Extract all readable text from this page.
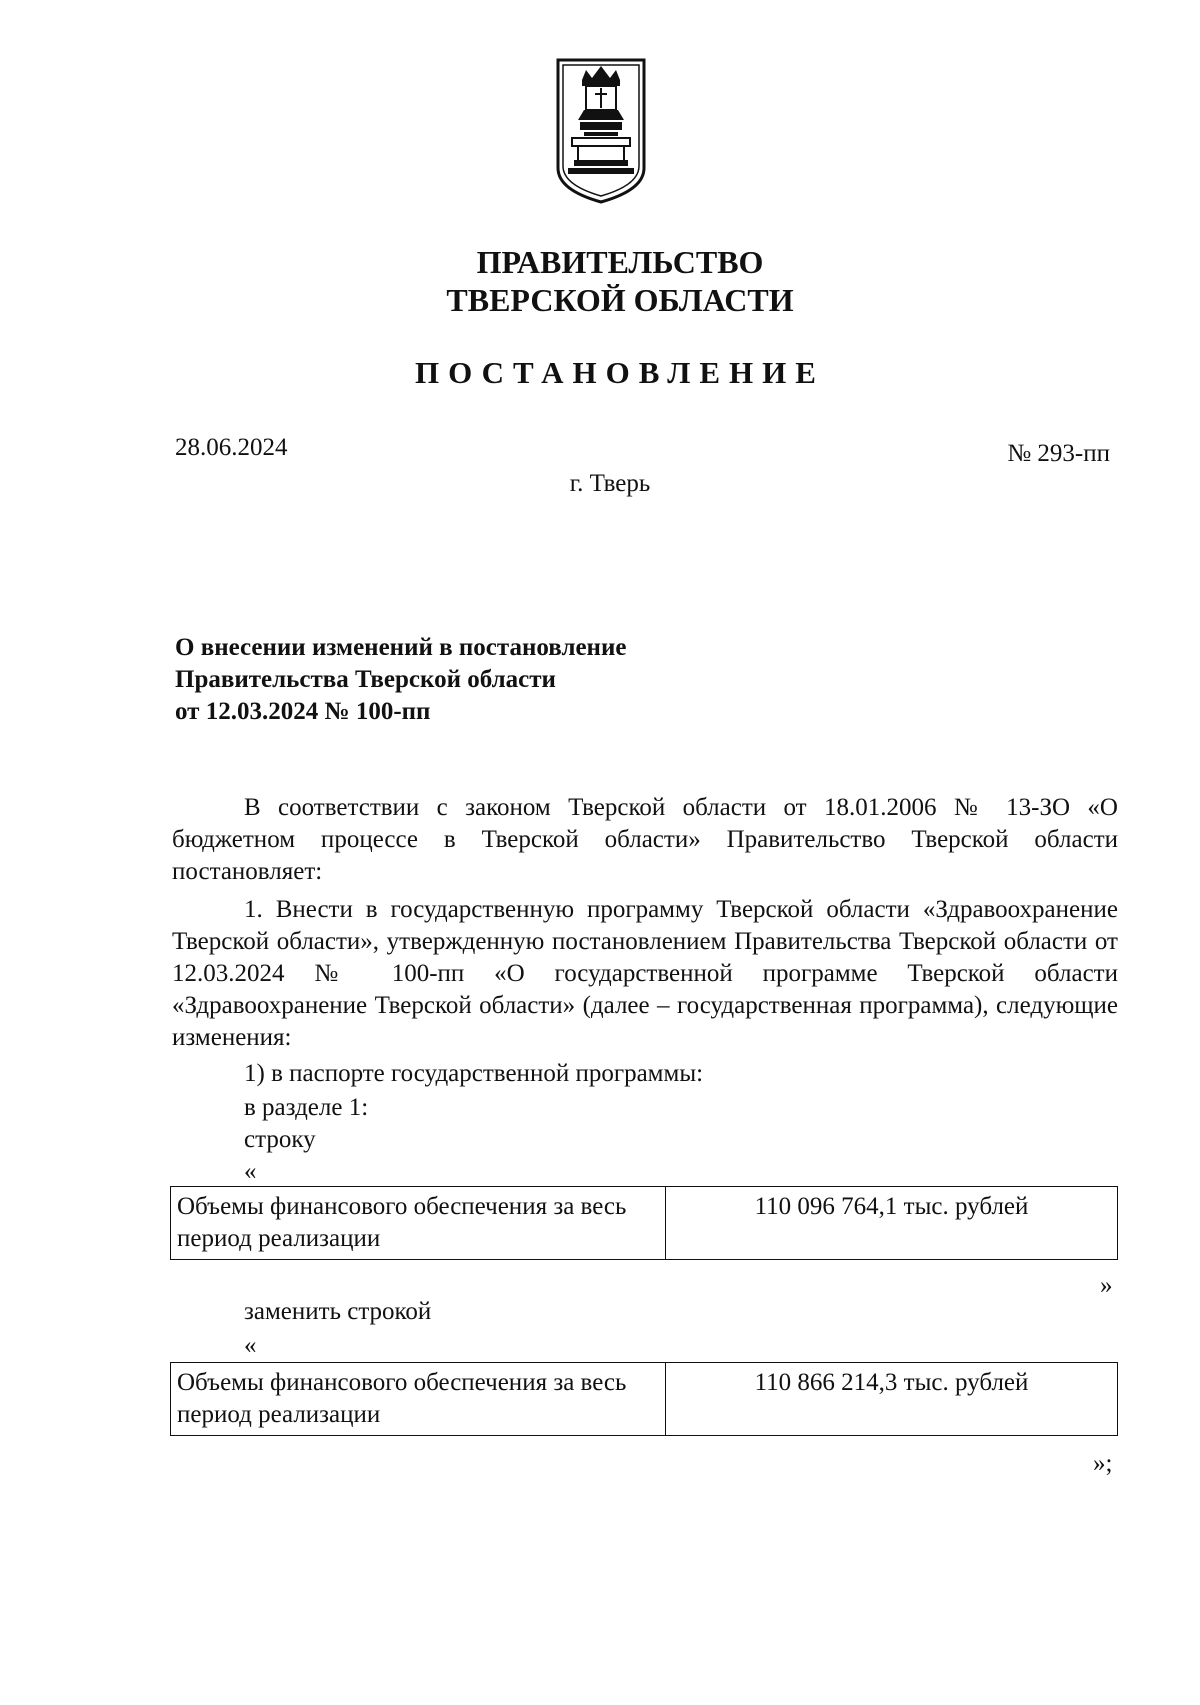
ПРАВИТЕЛЬСТВО
ТВЕРСКОЙ ОБЛАСТИ
ПОСТАНОВЛЕНИЕ
28.06.2024	№ 293-пп
г. Тверь
О внесении изменений в постановление
Правительства Тверской области
от 12.03.2024 № 100-пп

В соответствии с законом Тверской области от 18.01.2006 № 13-ЗО «О бюджетном процессе в Тверской области» Правительство Тверской области постановляет:

1. Внести в государственную программу Тверской области «Здравоохранение Тверской области», утвержденную постановлением Правительства Тверской области от 12.03.2024 № 100-пп «О государственной программе Тверской области «Здравоохранение Тверской области» (далее – государственная программа), следующие изменения:

1) в паспорте государственной программы:
в разделе 1:
строку
«
Объемы финансового обеспечения за весь период реализации	110 096 764,1 тыс. рублей
»
заменить строкой
«
Объемы финансового обеспечения за весь период реализации	110 866 214,3 тыс. рублей
»;
